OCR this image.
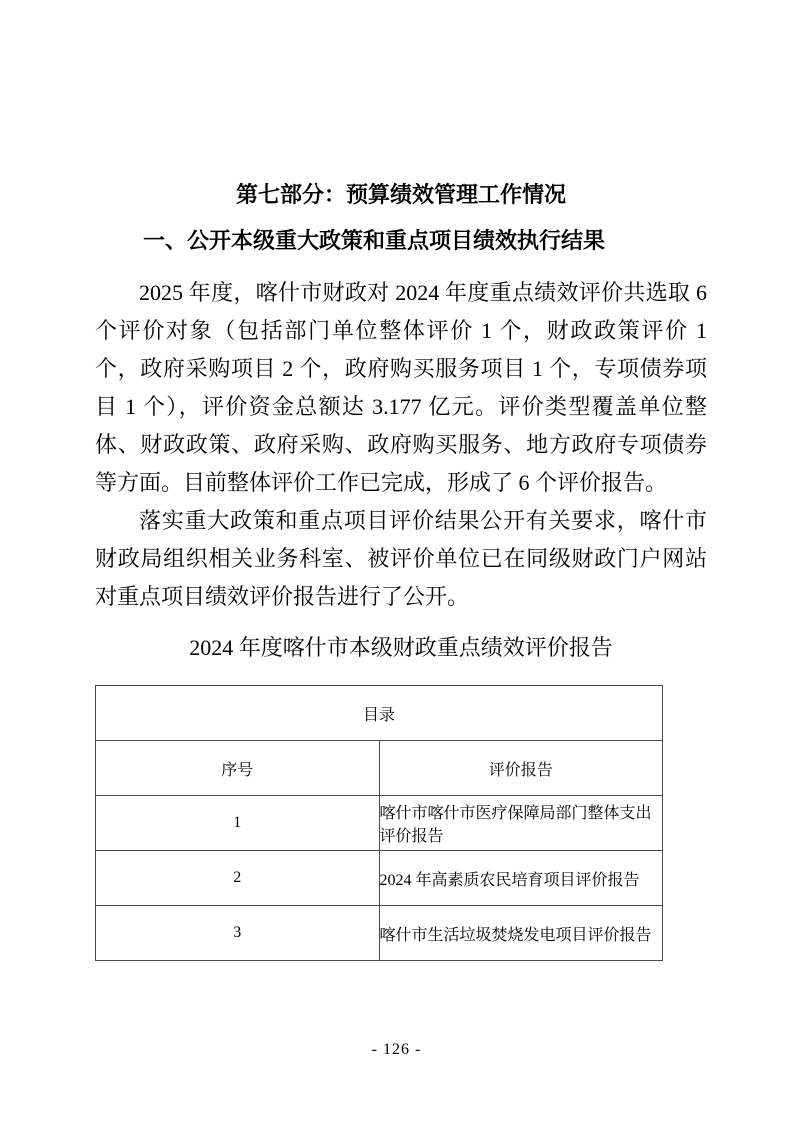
第七部分：预算绩效管理工作情况
一、公开本级重大政策和重点项目绩效执行结果
2025 年度，喀什市财政对 2024 年度重点绩效评价共选取 6
个评价对象（包括部门单位整体评价 1 个，财政政策评价 1
个，政府采购项目 2 个，政府购买服务项目 1 个，专项债券项
目 1 个），评价资金总额达 3.177 亿元。评价类型覆盖单位整
体、财政政策、政府采购、政府购买服务、地方政府专项债券
等方面。目前整体评价工作已完成，形成了 6 个评价报告。
落实重大政策和重点项目评价结果公开有关要求，喀什市
财政局组织相关业务科室、被评价单位已在同级财政门户网站
对重点项目绩效评价报告进行了公开。
2024 年度喀什市本级财政重点绩效评价报告
目录	
序号	评价报告
1	喀什市喀什市医疗保障局部门整体支出评价报告
2	2024 年高素质农民培育项目评价报告
3	喀什市生活垃圾焚烧发电项目评价报告
- 126 -
